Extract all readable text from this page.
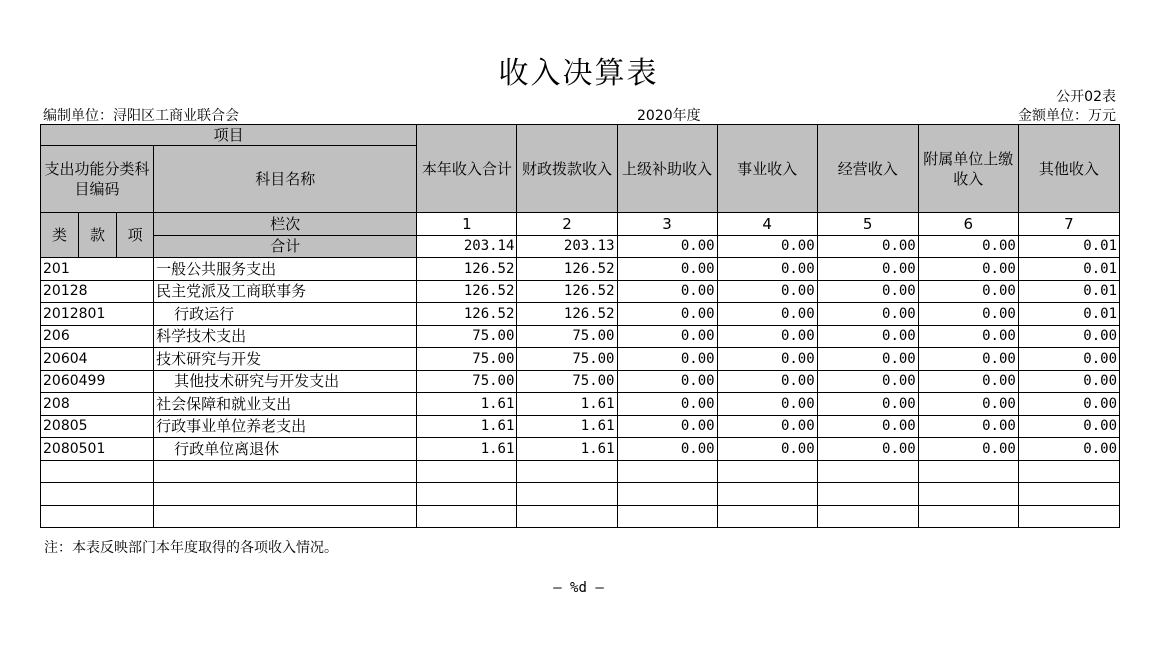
收入决算表
公开02表
编制单位：浔阳区工商业联合会	2020年度	金额单位：万元
项目				本年收入合计	财政拨款收入	上级补助收入	事业收入	经营收入	附属单位上缴收入	其他收入
支出功能分类科目编码			科目名称							

类	款	项	栏次	1	2	3	4	5	6	7
			合计	203.14	203.13	0.00	0.00	0.00	0.00	0.01
201			一般公共服务支出	126.52	126.52	0.00	0.00	0.00	0.00	0.01
20128			民主党派及工商联事务	126.52	126.52	0.00	0.00	0.00	0.00	0.01
2012801			行政运行	126.52	126.52	0.00	0.00	0.00	0.00	0.01
206			科学技术支出	75.00	75.00	0.00	0.00	0.00	0.00	0.00
20604			技术研究与开发	75.00	75.00	0.00	0.00	0.00	0.00	0.00
2060499			其他技术研究与开发支出	75.00	75.00	0.00	0.00	0.00	0.00	0.00
208			社会保障和就业支出	1.61	1.61	0.00	0.00	0.00	0.00	0.00
20805			行政事业单位养老支出	1.61	1.61	0.00	0.00	0.00	0.00	0.00
2080501			行政单位离退休	1.61	1.61	0.00	0.00	0.00	0.00	0.00

注：本表反映部门本年度取得的各项收入情况。
— %d —
